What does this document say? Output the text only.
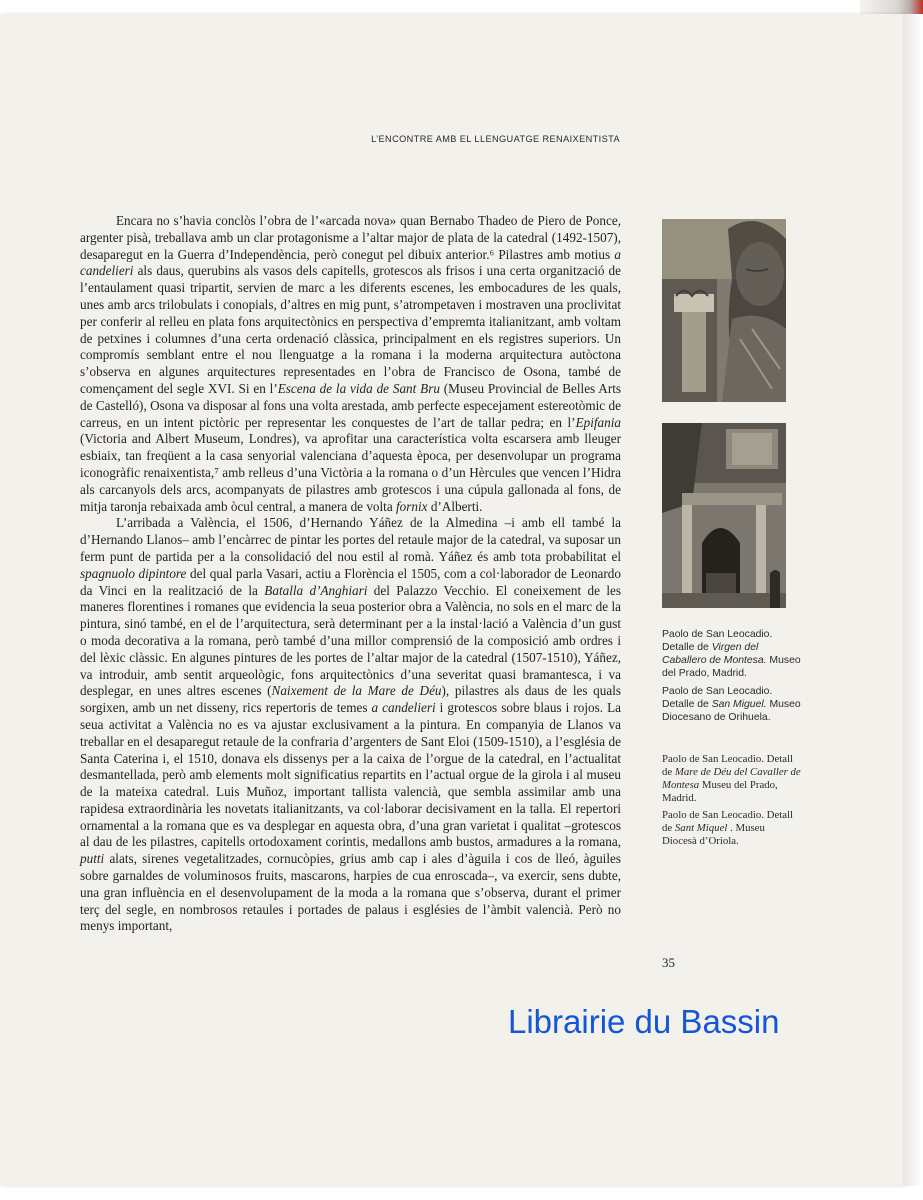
L’ENCONTRE AMB EL LLENGUATGE RENAIXENTISTA

Encara no s’havia conclòs l’obra de l’«arcada nova» quan Bernabo Thadeo de Piero de Ponce, argenter pisà, treballava amb un clar protagonisme a l’altar major de plata de la catedral (1492-1507), desaparegut en la Guerra d’Independència, però conegut pel dibuix anterior.⁶ Pilastres amb motius a candelieri als daus, querubins als vasos dels capitells, grotescos als frisos i una certa organització de l’entaulament quasi tripartit, servien de marc a les diferents escenes, les embocadures de les quals, unes amb arcs trilobulats i conopials, d’altres en mig punt, s’atrompetaven i mostraven una proclivitat per conferir al relleu en plata fons arquitectònics en perspectiva d’empremta italianitzant, amb voltam de petxines i columnes d’una certa ordenació clàssica, principalment en els registres superiors. Un compromís semblant entre el nou llenguatge a la romana i la moderna arquitectura autòctona s’observa en algunes arquitectures representades en l’obra de Francisco de Osona, també de començament del segle XVI. Si en l’Escena de la vida de Sant Bru (Museu Provincial de Belles Arts de Castelló), Osona va disposar al fons una volta arestada, amb perfecte especejament estereotòmic de carreus, en un intent pictòric per representar les conquestes de l’art de tallar pedra; en l’Epifania (Victoria and Albert Museum, Londres), va aprofitar una característica volta escarsera amb lleuger esbiaix, tan freqüent a la casa senyorial valenciana d’aquesta època, per desenvolupar un programa iconogràfic renaixentista,⁷ amb relleus d’una Victòria a la romana o d’un Hèrcules que vencen l’Hidra als carcanyols dels arcs, acompanyats de pilastres amb grotescos i una cúpula gallonada al fons, de mitja taronja rebaixada amb òcul central, a manera de volta fornix d’Alberti.

L’arribada a València, el 1506, d’Hernando Yáñez de la Almedina –i amb ell també la d’Hernando Llanos– amb l’encàrrec de pintar les portes del retaule major de la catedral, va suposar un ferm punt de partida per a la consolidació del nou estil al romà. Yáñez és amb tota probabilitat el spagnuolo dipintore del qual parla Vasari, actiu a Florència el 1505, com a col·laborador de Leonardo da Vinci en la realització de la Batalla d’Anghiari del Palazzo Vecchio. El coneixement de les maneres florentines i romanes que evidencia la seua posterior obra a València, no sols en el marc de la pintura, sinó també, en el de l’arquitectura, serà determinant per a la instal·lació a València d’un gust o moda decorativa a la romana, però també d’una millor comprensió de la composició amb ordres i del lèxic clàssic. En algunes pintures de les portes de l’altar major de la catedral (1507-1510), Yáñez, va introduir, amb sentit arqueològic, fons arquitectònics d’una severitat quasi bramantesca, i va desplegar, en unes altres escenes (Naixement de la Mare de Déu), pilastres als daus de les quals sorgixen, amb un net disseny, rics repertoris de temes a candelieri i grotescos sobre blaus i rojos. La seua activitat a València no es va ajustar exclusivament a la pintura. En companyia de Llanos va treballar en el desaparegut retaule de la confraria d’argenters de Sant Eloi (1509-1510), a l’església de Santa Caterina i, el 1510, donava els dissenys per a la caixa de l’orgue de la catedral, en l’actualitat desmantellada, però amb elements molt significatius repartits en l’actual orgue de la girola i al museu de la mateixa catedral. Luis Muñoz, important tallista valencià, que sembla assimilar amb una rapidesa extraordinària les novetats italianitzants, va col·laborar decisivament en la talla. El repertori ornamental a la romana que es va desplegar en aquesta obra, d’una gran varietat i qualitat –grotescos al dau de les pilastres, capitells ortodoxament corintis, medallons amb bustos, armadures a la romana, putti alats, sirenes vegetalitzades, cornucòpies, grius amb cap i ales d’àguila i cos de lleó, àguiles sobre garnaldes de voluminosos fruits, mascarons, harpies de cua enroscada–, va exercir, sens dubte, una gran influència en el desenvolupament de la moda a la romana que s’observa, durant el primer terç del segle, en nombrosos retaules i portades de palaus i esglésies de l’àmbit valencià. Però no menys important,

Paolo de San Leocadio. Detalle de Virgen del Caballero de Montesa. Museo del Prado, Madrid.
Paolo de San Leocadio. Detalle de San Miguel. Museo Diocesano de Orihuela.
Paolo de San Leocadio. Detall de Mare de Déu del Cavaller de Montesa Museu del Prado, Madrid.
Paolo de San Leocadio. Detall de Sant Miquel . Museu Diocesà d’Oriola.
35
Librairie du Bassin
